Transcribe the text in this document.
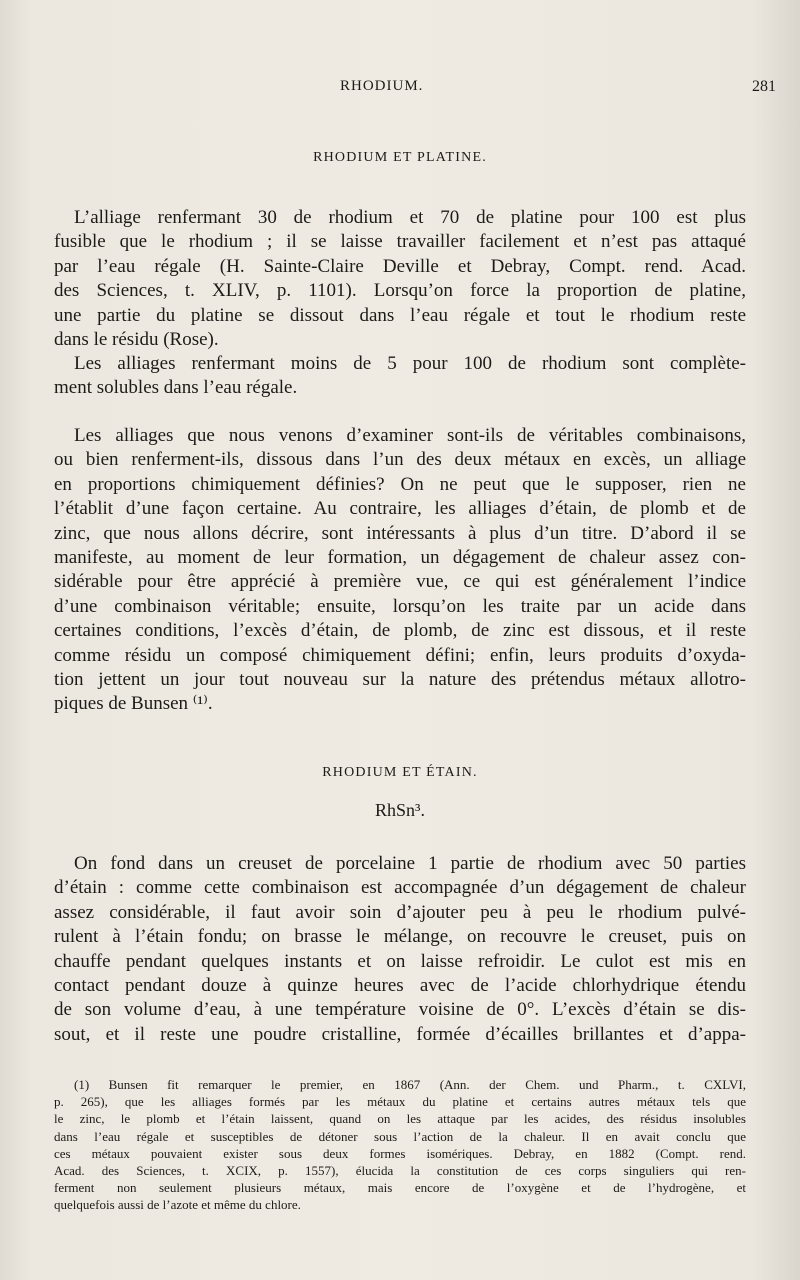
RHODIUM.	281
RHODIUM ET PLATINE.
L’alliage renfermant 30 de rhodium et 70 de platine pour 100 est plus
fusible que le rhodium ; il se laisse travailler facilement et n’est pas attaqué
par l’eau régale (H. Sainte-Claire Deville et Debray, Compt. rend. Acad.
des Sciences, t. XLIV, p. 1101). Lorsqu’on force la proportion de platine,
une partie du platine se dissout dans l’eau régale et tout le rhodium reste
dans le résidu (Rose).
Les alliages renfermant moins de 5 pour 100 de rhodium sont complète-
ment solubles dans l’eau régale.
Les alliages que nous venons d’examiner sont-ils de véritables combinaisons,
ou bien renferment-ils, dissous dans l’un des deux métaux en excès, un alliage
en proportions chimiquement définies? On ne peut que le supposer, rien ne
l’établit d’une façon certaine. Au contraire, les alliages d’étain, de plomb et de
zinc, que nous allons décrire, sont intéressants à plus d’un titre. D’abord il se
manifeste, au moment de leur formation, un dégagement de chaleur assez con-
sidérable pour être apprécié à première vue, ce qui est généralement l’indice
d’une combinaison véritable; ensuite, lorsqu’on les traite par un acide dans
certaines conditions, l’excès d’étain, de plomb, de zinc est dissous, et il reste
comme résidu un composé chimiquement défini; enfin, leurs produits d’oxyda-
tion jettent un jour tout nouveau sur la nature des prétendus métaux allotro-
piques de Bunsen ⁽¹⁾.
RHODIUM ET ÉTAIN.
RhSn³.
On fond dans un creuset de porcelaine 1 partie de rhodium avec 50 parties
d’étain : comme cette combinaison est accompagnée d’un dégagement de chaleur
assez considérable, il faut avoir soin d’ajouter peu à peu le rhodium pulvé-
rulent à l’étain fondu; on brasse le mélange, on recouvre le creuset, puis on
chauffe pendant quelques instants et on laisse refroidir. Le culot est mis en
contact pendant douze à quinze heures avec de l’acide chlorhydrique étendu
de son volume d’eau, à une température voisine de 0°. L’excès d’étain se dis-
sout, et il reste une poudre cristalline, formée d’écailles brillantes et d’appa-
(1) Bunsen fit remarquer le premier, en 1867 (Ann. der Chem. und Pharm., t. CXLVI,
p. 265), que les alliages formés par les métaux du platine et certains autres métaux tels que
le zinc, le plomb et l’étain laissent, quand on les attaque par les acides, des résidus insolubles
dans l’eau régale et susceptibles de détoner sous l’action de la chaleur. Il en avait conclu que
ces métaux pouvaient exister sous deux formes isomériques. Debray, en 1882 (Compt. rend.
Acad. des Sciences, t. XCIX, p. 1557), élucida la constitution de ces corps singuliers qui ren-
ferment non seulement plusieurs métaux, mais encore de l’oxygène et de l’hydrogène, et
quelquefois aussi de l’azote et même du chlore.
